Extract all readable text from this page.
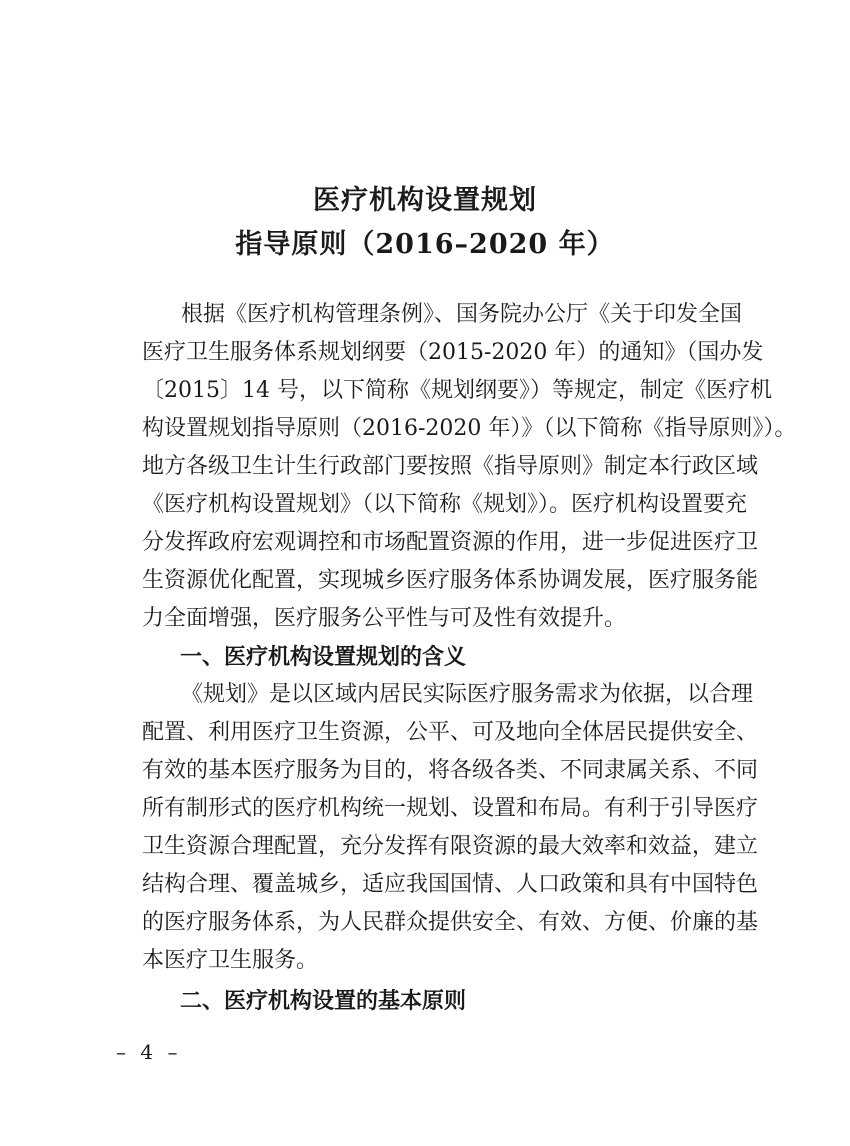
医疗机构设置规划
指导原则（2016–2020 年）
根据《医疗机构管理条例》、国务院办公厅《关于印发全国
医疗卫生服务体系规划纲要（2015-2020 年）的通知》（国办发
〔2015〕14 号，以下简称《规划纲要》）等规定，制定《医疗机
构设置规划指导原则（2016-2020 年）》（以下简称《指导原则》）。
地方各级卫生计生行政部门要按照《指导原则》制定本行政区域
《医疗机构设置规划》（以下简称《规划》）。医疗机构设置要充
分发挥政府宏观调控和市场配置资源的作用，进一步促进医疗卫
生资源优化配置，实现城乡医疗服务体系协调发展，医疗服务能
力全面增强，医疗服务公平性与可及性有效提升。
一、医疗机构设置规划的含义
《规划》是以区域内居民实际医疗服务需求为依据，以合理
配置、利用医疗卫生资源，公平、可及地向全体居民提供安全、
有效的基本医疗服务为目的，将各级各类、不同隶属关系、不同
所有制形式的医疗机构统一规划、设置和布局。有利于引导医疗
卫生资源合理配置，充分发挥有限资源的最大效率和效益，建立
结构合理、覆盖城乡，适应我国国情、人口政策和具有中国特色
的医疗服务体系，为人民群众提供安全、有效、方便、价廉的基
本医疗卫生服务。
二、医疗机构设置的基本原则
– 4 –
